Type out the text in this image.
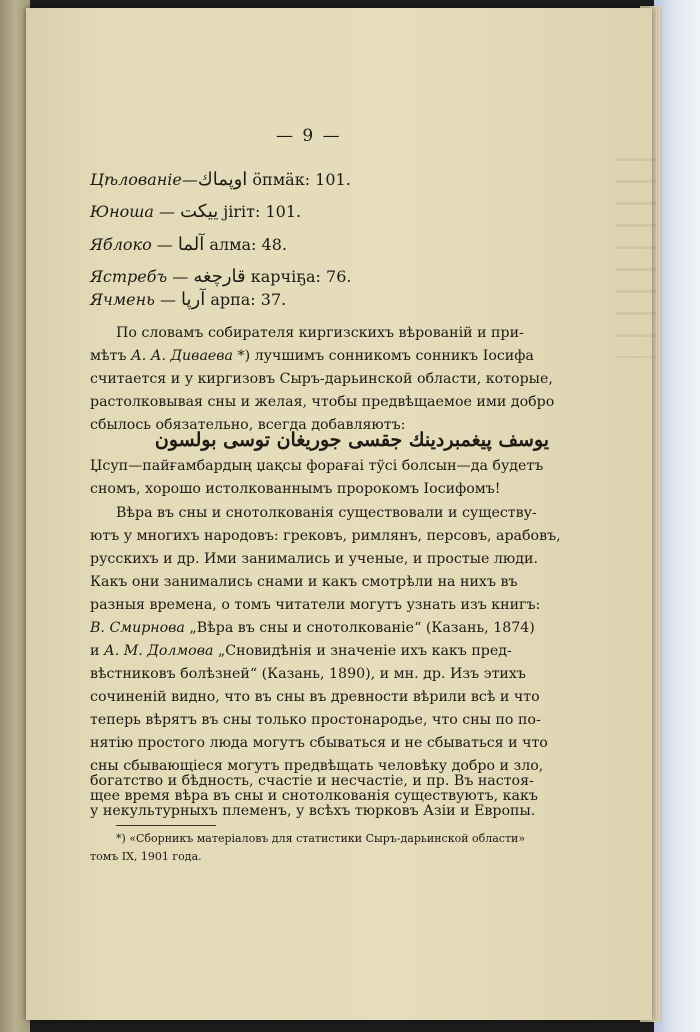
— 9 —
Цѣлованіе—اوپماك öпмäк: 101.
Юноша — ييكت jiriт: 101.
Яблоко — آلما алма: 48.
Ястребъ — قارچغه карчіҕа: 76.
Ячмень — آرپا арпа: 37.
По словамъ собирателя киргизскихъ вѣрованій и при-
мѣтъ А. А. Диваева *) лучшимъ сонникомъ сонникъ Іосифа
считается и у киргизовъ Сыръ-дарьинской области, которые,
растолковывая сны и желая, чтобы предвѣщаемое ими добро
сбылось обязательно, всегда добавляютъ:
يوسف پيغمبردينك جقسى جوريغان توسى بولسون
Џсуп—пайғамбардың џақсы форағаi тўсi болсын—да будетъ
сномъ, хорошо истолкованнымъ пророкомъ Іосифомъ!
Вѣра въ сны и снотолкованія существовали и существу-
ютъ у многихъ народовъ: грековъ, римлянъ, персовъ, арабовъ,
русскихъ и др. Ими занимались и ученые, и простые люди.
Какъ они занимались снами и какъ смотрѣли на нихъ въ
разныя времена, о томъ читатели могутъ узнать изъ книгъ:
В. Смирнова „Вѣра въ сны и снотолкованіе“ (Казань, 1874)
и А. М. Долмова „Сновидѣнія и значеніе ихъ какъ пред-
вѣстниковъ болѣзней“ (Казань, 1890), и мн. др. Изъ этихъ
сочиненій видно, что въ сны въ древности вѣрили всѣ и что
теперь вѣрятъ въ сны только простонародье, что сны по по-
нятію простого люда могутъ сбываться и не сбываться и что
сны сбывающіеся могутъ предвѣщать человѣку добро и зло,
богатство и бѣдность, счастіе и несчастіе, и пр. Въ настоя-
щее время вѣра въ сны и снотолкованія существуютъ, какъ
у некультурныхъ племенъ, у всѣхъ тюрковъ Азіи и Европы.
*) «Сборникъ матеріаловъ для статистики Сыръ-дарьинской области»
томъ IX, 1901 года.
